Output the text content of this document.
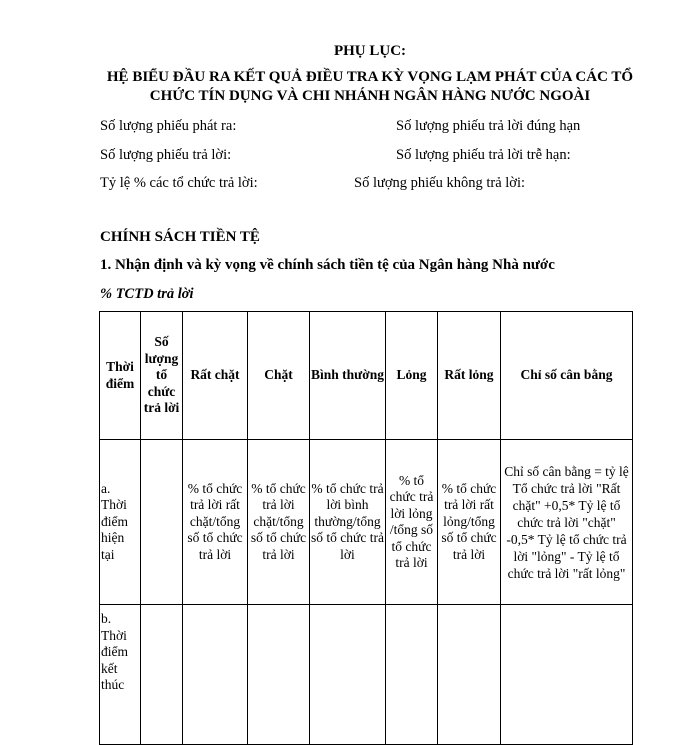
PHỤ LỤC:

HỆ BIỂU ĐẦU RA KẾT QUẢ ĐIỀU TRA KỲ VỌNG LẠM PHÁT CỦA CÁC TỔ

CHỨC TÍN DỤNG VÀ CHI NHÁNH NGÂN HÀNG NƯỚC NGOÀI

Số lượng phiếu phát ra:	Số lượng phiếu trả lời đúng hạn
Số lượng phiếu trả lời:	Số lượng phiếu trả lời trễ hạn:
Tỷ lệ % các tổ chức trả lời:	Số lượng phiếu không trả lời:
CHÍNH SÁCH TIỀN TỆ
1. Nhận định và kỳ vọng về chính sách tiền tệ của Ngân hàng Nhà nước
% TCTD trả lời
Thời điểm	Số lượng tổ chức trả lời	Rất chặt	Chặt	Bình thường	Lỏng	Rất lỏng	Chỉ số cân bằng
a. Thời điểm hiện tại		% tổ chức trả lời rất chặt/tổng số tổ chức trả lời	% tổ chức trả lời chặt/tổng số tổ chức trả lời	% tổ chức trả lời bình thường/tổng số tổ chức trả lời	% tổ chức trả lời lỏng /tổng số tổ chức trả lời	% tổ chức trả lời rất lỏng/tổng số tổ chức trả lời	Chỉ số cân bằng = tỷ lệ Tổ chức trả lời "Rất chặt" +0,5* Tỷ lệ tổ chức trả lời "chặt" -0,5* Tỷ lệ tổ chức trả lời "lỏng" - Tỷ lệ tổ chức trả lời "rất lỏng"
b. Thời điểm kết thúc							
